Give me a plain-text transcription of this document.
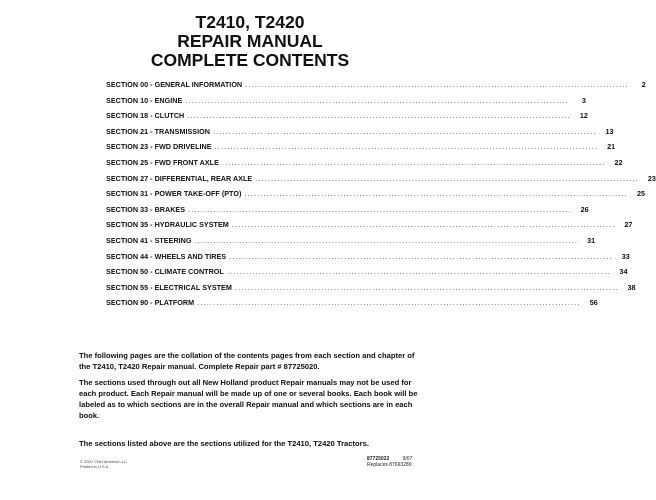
T2410, T2420
REPAIR MANUAL
COMPLETE CONTENTS
SECTION 00 - GENERAL INFORMATION ........................................................................................................................	2
SECTION 10 - ENGINE ........................................................................................................................	3
SECTION 18 - CLUTCH ........................................................................................................................	12
SECTION 21 - TRANSMISSION ........................................................................................................................	13
SECTION 23 - FWD DRIVELINE ........................................................................................................................	21
SECTION 25 - FWD FRONT AXLE ........................................................................................................................	22
SECTION 27 - DIFFERENTIAL, REAR AXLE ........................................................................................................................	23
SECTION 31 - POWER TAKE-OFF (PTO) ........................................................................................................................	25
SECTION 33 - BRAKES ........................................................................................................................	26
SECTION 35 - HYDRAULIC SYSTEM ........................................................................................................................	27
SECTION 41 - STEERING ........................................................................................................................	31
SECTION 44 - WHEELS AND TIRES ........................................................................................................................	33
SECTION 50 - CLIMATE CONTROL ........................................................................................................................	34
SECTION 55 - ELECTRICAL SYSTEM ........................................................................................................................	38
SECTION 90 - PLATFORM ........................................................................................................................	56

The following pages are the collation of the contents pages from each section and chapter of the T2410, T2420 Repair manual. Complete Repair part # 87725020.

The sections used through out all New Holland product Repair manuals may not be used for each product. Each Repair manual will be made up of one or several books. Each book will be labeled as to which sections are in the overall Repair manual and which sections are in each book.

The sections listed above are the sections utilized for the T2410, T2420 Tractors.

© 2007 CNH America LLC
Printed in U.S.A.
87725022	9/07
Replaces 87693289
